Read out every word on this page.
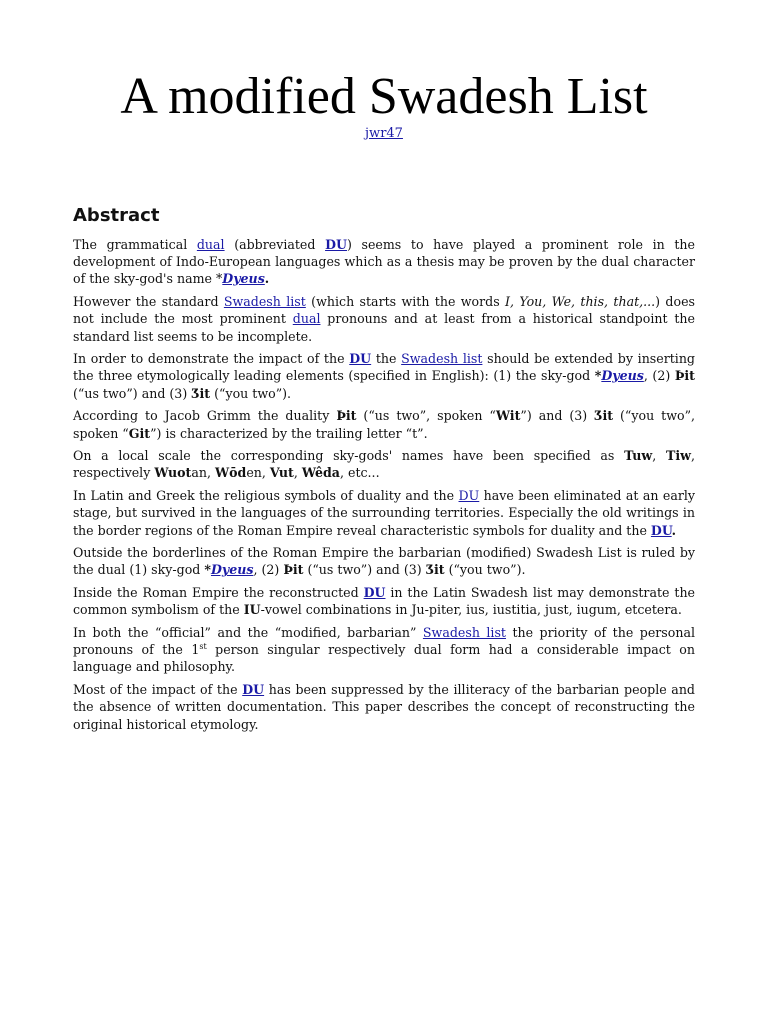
A modified Swadesh List
jwr47
Abstract

The grammatical dual (abbreviated DU) seems to have played a prominent role in the development of Indo-European languages which as a thesis may be proven by the dual character of the sky-god's name *Dyeus.

However the standard Swadesh list (which starts with the words I, You, We, this, that,...) does not include the most prominent dual pronouns and at least from a historical standpoint the standard list seems to be incomplete.

In order to demonstrate the impact of the DU the Swadesh list should be extended by inserting the three etymologically leading elements (specified in English): (1) the sky-god *Dyeus, (2) Þit (“us two”) and (3) Ʒit (“you two”).

According to Jacob Grimm the duality Þit (“us two”, spoken “Wit”) and (3) Ʒit (“you two”, spoken “Git”) is characterized by the trailing letter “t”.

On a local scale the corresponding sky-gods' names have been specified as Tuw, Tiw, respectively Wuotan, Wōden, Vut, Wêda, etc...

In Latin and Greek the religious symbols of duality and the DU have been eliminated at an early stage, but survived in the languages of the surrounding territories. Especially the old writings in the border regions of the Roman Empire reveal characteristic symbols for duality and the DU.

Outside the borderlines of the Roman Empire the barbarian (modified) Swadesh List is ruled by the dual (1) sky-god *Dyeus, (2) Þit (“us two”) and (3) Ʒit (“you two”).

Inside the Roman Empire the reconstructed DU in the Latin Swadesh list may demonstrate the common symbolism of the IU-vowel combinations in Ju-piter, ius, iustitia, just, iugum, etcetera.

In both the “official” and the “modified, barbarian” Swadesh list the priority of the personal pronouns of the 1st person singular respectively dual form had a considerable impact on language and philosophy.

Most of the impact of the DU has been suppressed by the illiteracy of the barbarian people and the absence of written documentation. This paper describes the concept of reconstructing the original historical etymology.
